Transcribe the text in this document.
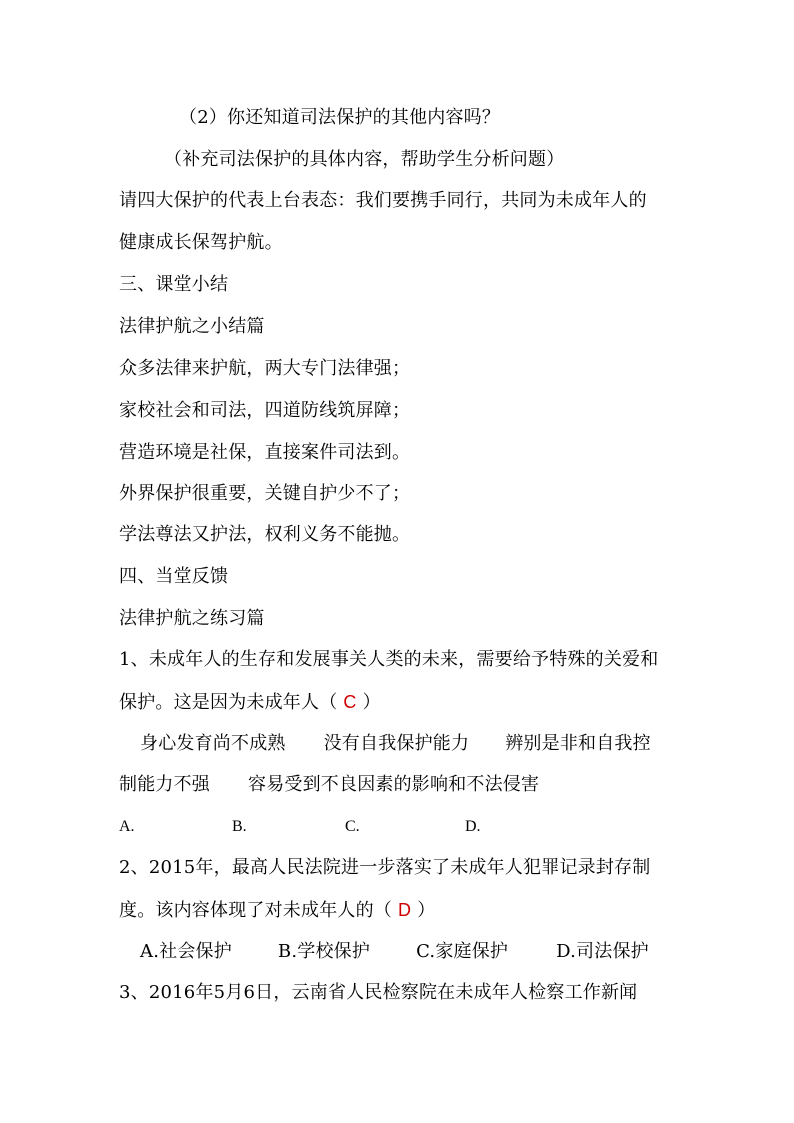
（2）你还知道司法保护的其他内容吗？
（补充司法保护的具体内容，帮助学生分析问题）
请四大保护的代表上台表态：我们要携手同行，共同为未成年人的
健康成长保驾护航。
三、课堂小结
法律护航之小结篇
众多法律来护航，两大专门法律强；
家校社会和司法，四道防线筑屏障；
营造环境是社保，直接案件司法到。
外界保护很重要，关键自护少不了；
学法尊法又护法，权利义务不能抛。
四、当堂反馈
法律护航之练习篇
1、未成年人的生存和发展事关人类的未来，需要给予特殊的关爱和
保护。这是因为未成年人（ C ）
身心发育尚不成熟 没有自我保护能力 辨别是非和自我控
制能力不强 容易受到不良因素的影响和不法侵害
A.	B.	C.	D.
2、2015年，最高人民法院进一步落实了未成年人犯罪记录封存制
度。该内容体现了对未成年人的（ D ）
A.社会保护	B.学校保护	C.家庭保护	D.司法保护
3、2016年5月6日，云南省人民检察院在未成年人检察工作新闻
